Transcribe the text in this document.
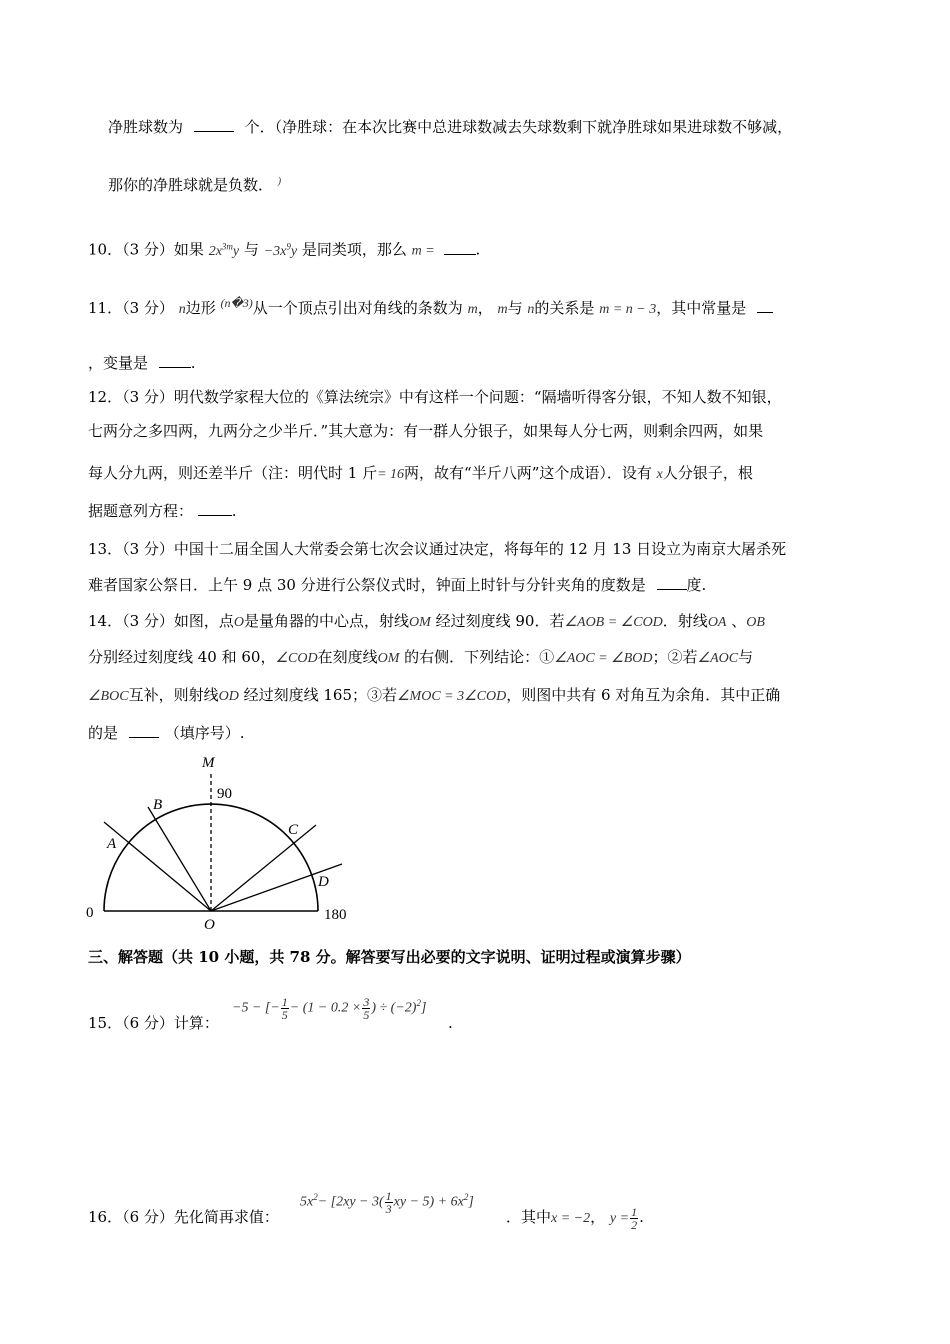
净胜球数为	个．（净胜球：在本次比赛中总进球数减去失球数剩下就净胜球如果进球数不够减，
那你的净胜球就是负数． )
10．（3 分）如果 $2x^{3m}y$ 与 $-3x^9y$ 是同类项，那么 m =	.
11．（3 分） n边形 $^{(n�3)}$从一个顶点引出对角线的条数为 m， m与 n的关系是 m = n − 3，其中常量是
，变量是	.
12．（3 分）明代数学家程大位的《算法统宗》中有这样一个问题：“隔墙听得客分银，不知人数不知银，
七两分之多四两，九两分之少半斤．”其大意为：有一群人分银子，如果每人分七两，则剩余四两，如果
每人分九两，则还差半斤（注：明代时 1 斤= 16两，故有“半斤八两”这个成语）．设有 x人分银子，根
据题意列方程：	.
13．（3 分）中国十二届全国人大常委会第七次会议通过决定，将每年的 12 月 13 日设立为南京大屠杀死
难者国家公祭日．上午 9 点 30 分进行公祭仪式时，钟面上时针与分针夹角的度数是	度.
14．（3 分）如图，点O是量角器的中心点，射线OM 经过刻度线 90．若∠AOB = ∠COD．射线OA 、OB
分别经过刻度线 40 和 60，∠COD在刻度线OM 的右侧．下列结论：①∠AOC = ∠BOD；②若∠AOC与
∠BOC互补，则射线OD 经过刻度线 165；③若∠MOC = 3∠COD，则图中共有 6 对角互为余角．其中正确
的是	（填序号）.
M
90
B
A
C
D
0
O
180
三、解答题（共 10 小题，共 78 分。解答要写出必要的文字说明、证明过程或演算步骤）
15．（6 分）计算：
−5 − [− $\frac{1}{5} - (1 - 0.2 \times \frac{3}{5}$ ) ÷ $(-2)^2$]
.
16．（6 分）先化简再求值：
$5x^2- [2xy - 3( \frac{1}{3}$ xy − $5) + 6x^2$]
．其中x = −2， $y = \frac{1}{2}$ .
